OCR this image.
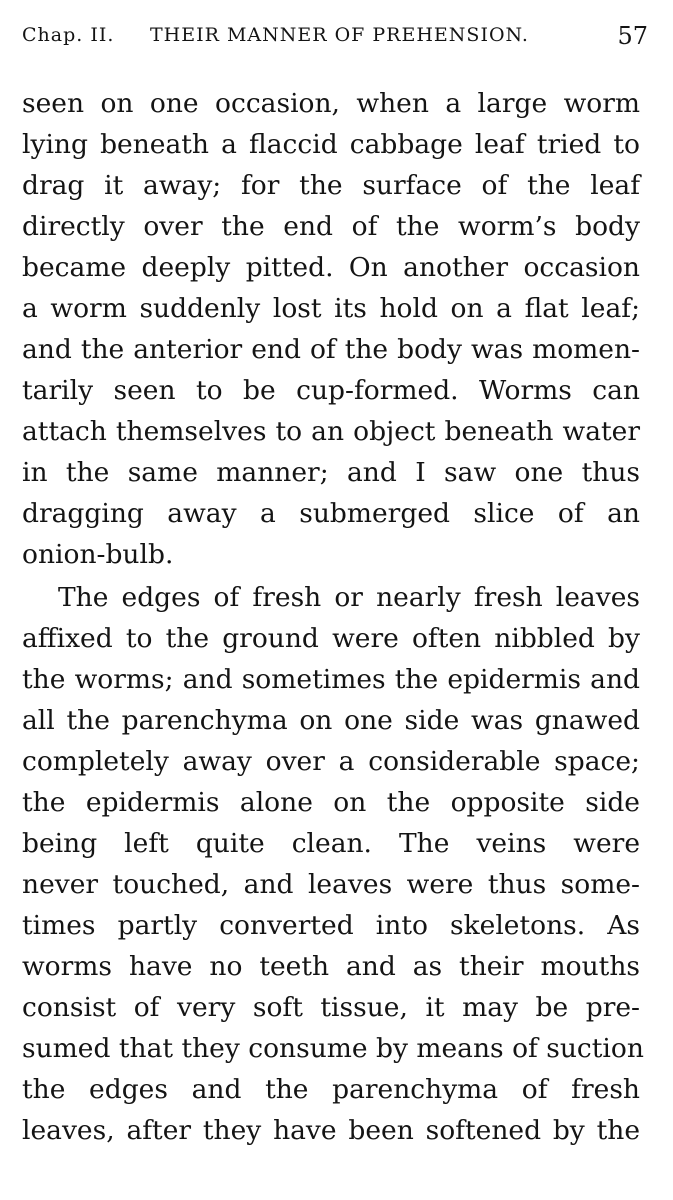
Chap. II. THEIR MANNER OF PREHENSION.	57
seen on one occasion, when a large worm
lying beneath a flaccid cabbage leaf tried to
drag it away; for the surface of the leaf
directly over the end of the worm’s body
became deeply pitted. On another occasion
a worm suddenly lost its hold on a flat leaf;
and the anterior end of the body was momen-
tarily seen to be cup-formed. Worms can
attach themselves to an object beneath water
in the same manner; and I saw one thus
dragging away a submerged slice of an
onion-bulb.
The edges of fresh or nearly fresh leaves
affixed to the ground were often nibbled by
the worms; and sometimes the epidermis and
all the parenchyma on one side was gnawed
completely away over a considerable space;
the epidermis alone on the opposite side
being left quite clean. The veins were
never touched, and leaves were thus some-
times partly converted into skeletons. As
worms have no teeth and as their mouths
consist of very soft tissue, it may be pre-
sumed that they consume by means of suction
the edges and the parenchyma of fresh
leaves, after they have been softened by the
